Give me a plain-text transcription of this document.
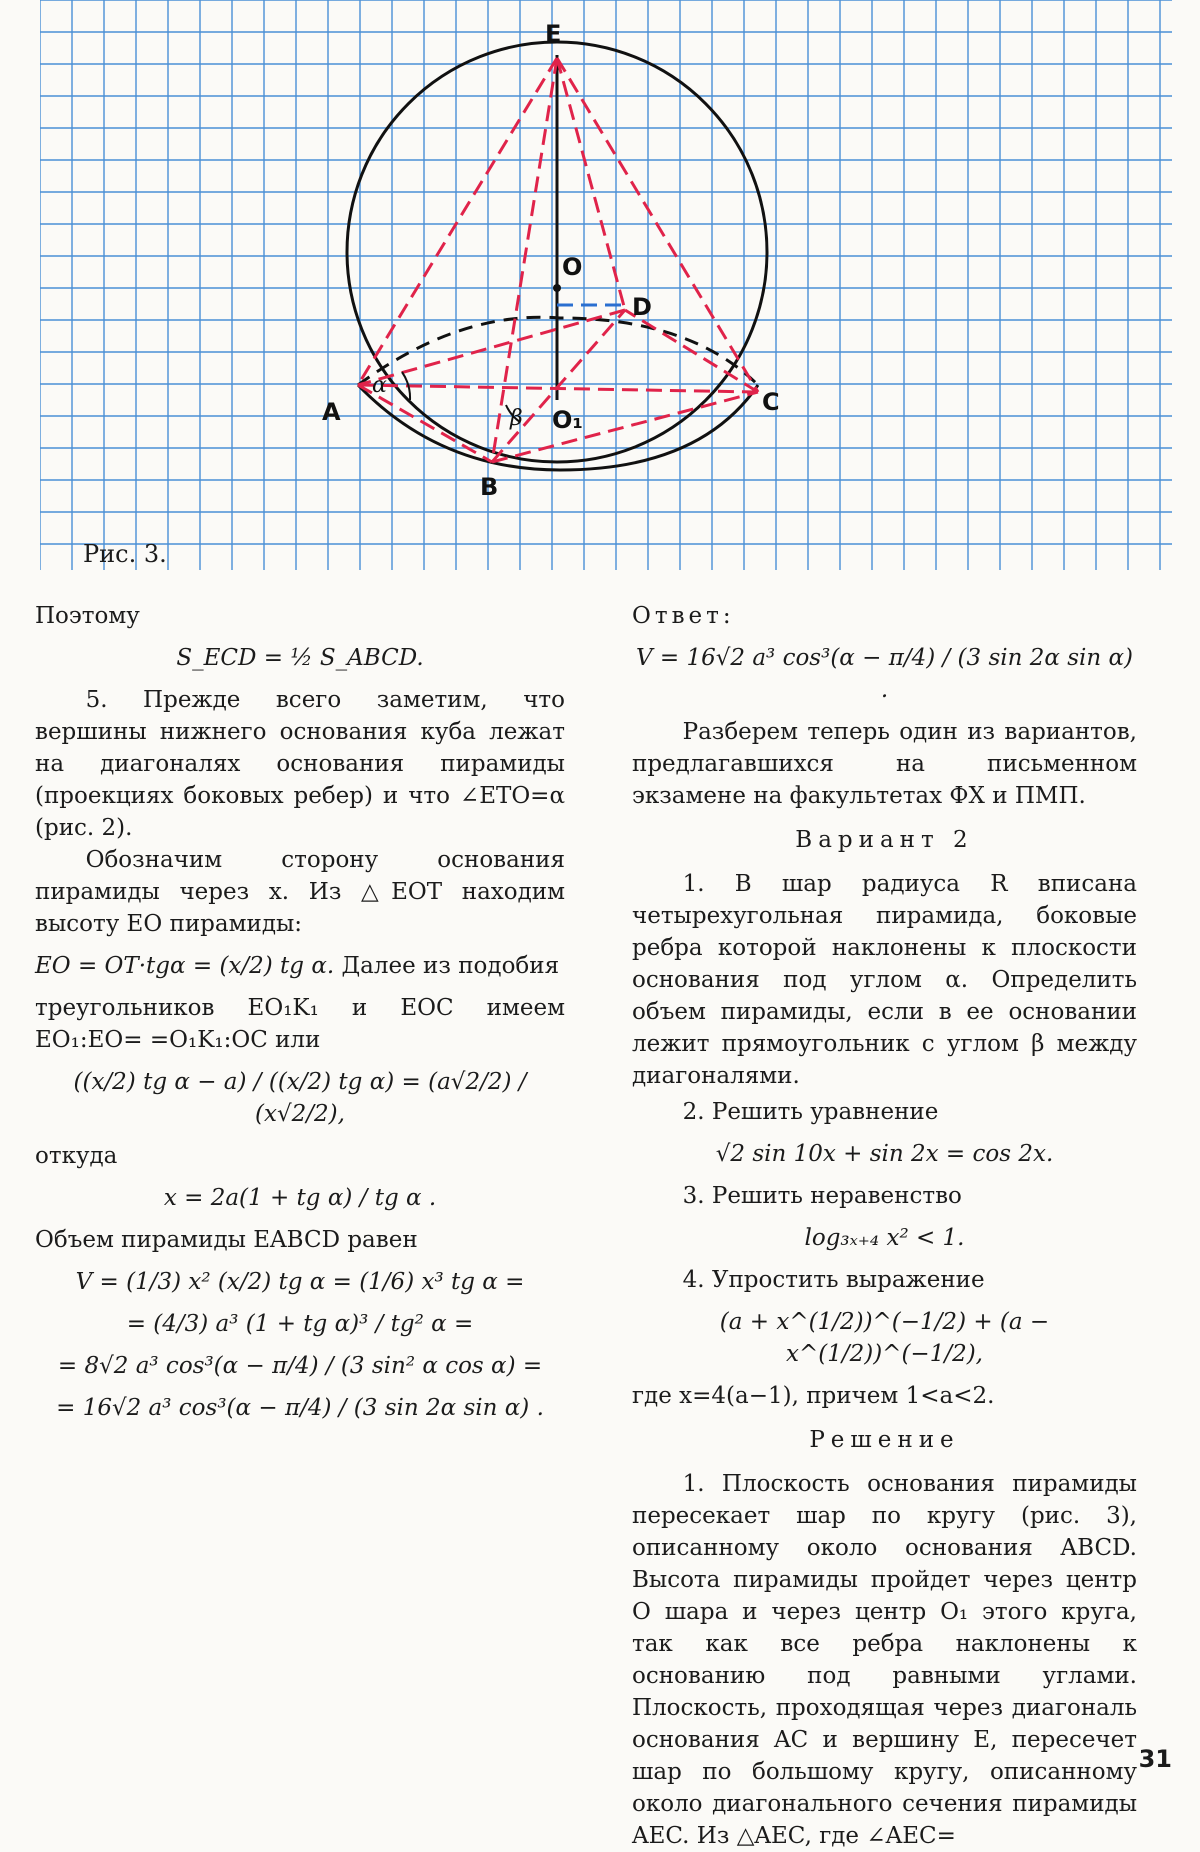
E
O
D
A
B
C
O₁
α
β
Рис. 3.

Поэтому

S_ECD = ½ S_ABCD.

5. Прежде всего заметим, что вершины нижнего основания куба лежат на диагоналях основания пирамиды (проекциях боковых ребер) и что ∠ETO=α (рис. 2).

Обозначим сторону основания пирамиды через x. Из △EOT находим высоту EO пирамиды:

EO = OT·tgα = (x/2) tg α. Далее из подобия

треугольников EO₁K₁ и EOC имеем EO₁:EO= =O₁K₁:OC или

((x/2) tg α − a) / ((x/2) tg α) = (a√2/2) / (x√2/2),

откуда

x = 2a(1 + tg α) / tg α .

Объем пирамиды EABCD равен

V = (1/3) x² (x/2) tg α = (1/6) x³ tg α =
= (4/3) a³ (1 + tg α)³ / tg² α =
= 8√2 a³ cos³(α − π/4) / (3 sin² α cos α) =
= 16√2 a³ cos³(α − π/4) / (3 sin 2α sin α) .

Ответ:

V = 16√2 a³ cos³(α − π/4) / (3 sin 2α sin α) .

Разберем теперь один из вариантов, предлагавшихся на письменном экзамене на факультетах ФХ и ПМП.

Вариант 2

1. В шар радиуса R вписана четырехугольная пирамида, боковые ребра которой наклонены к плоскости основания под углом α. Определить объем пирамиды, если в ее основании лежит прямоугольник с углом β между диагоналями.

2. Решить уравнение

√2 sin 10x + sin 2x = cos 2x.

3. Решить неравенство

log₃ₓ₊₄ x² < 1.

4. Упростить выражение

(a + x^(1/2))^(−1/2) + (a − x^(1/2))^(−1/2),

где x=4(a−1), причем 1<a<2.

Решение

1. Плоскость основания пирамиды пересекает шар по кругу (рис. 3), описанному около основания ABCD. Высота пирамиды пройдет через центр O шара и через центр O₁ этого круга, так как все ребра наклонены к основанию под равными углами. Плоскость, проходящая через диагональ основания AC и вершину E, пересечет шар по большому кругу, описанному около диагонального сечения пирамиды AEC. Из △AEC, где ∠AEC=

31
